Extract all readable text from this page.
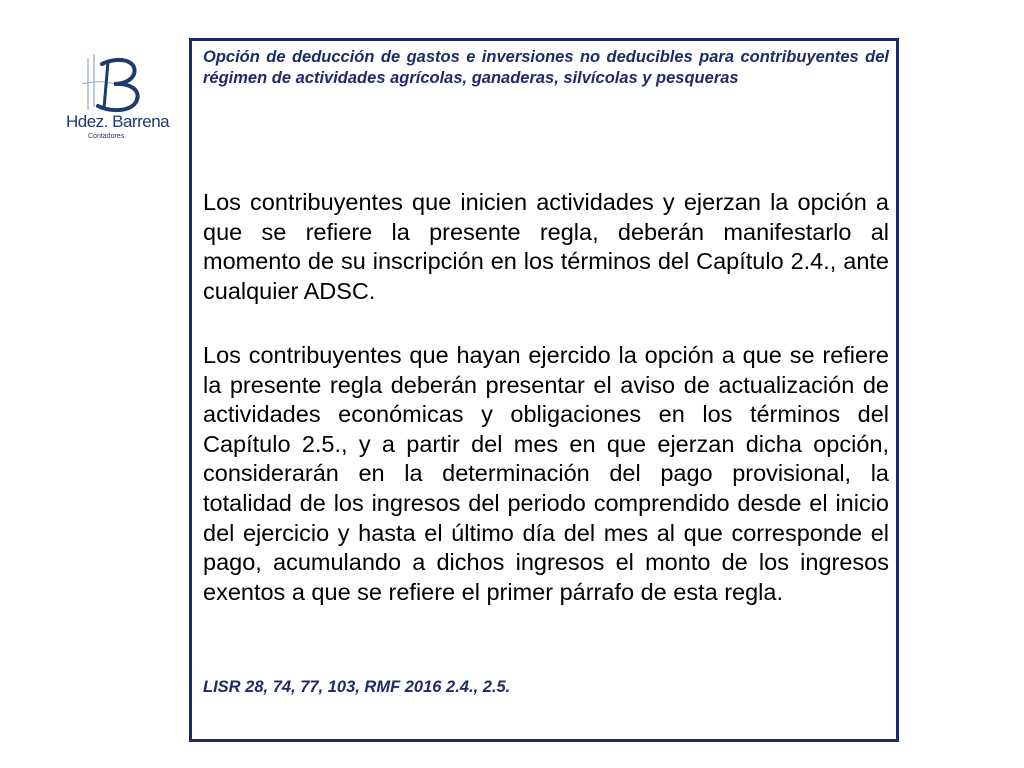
Hdez. Barrena
Contadores

Opción de deducción de gastos e inversiones no deducibles para contribuyentes del régimen de actividades agrícolas, ganaderas, silvícolas y pesqueras

Los contribuyentes que inicien actividades y ejerzan la opción a que se refiere la presente regla, deberán manifestarlo al momento de su inscripción en los términos del Capítulo 2.4., ante cualquier ADSC.

Los contribuyentes que hayan ejercido la opción a que se refiere la presente regla deberán presentar el aviso de actualización de actividades económicas y obligaciones en los términos del Capítulo 2.5., y a partir del mes en que ejerzan dicha opción, considerarán en la determinación del pago provisional, la totalidad de los ingresos del periodo comprendido desde el inicio del ejercicio y hasta el último día del mes al que corresponde el pago, acumulando a dichos ingresos el monto de los ingresos exentos a que se refiere el primer párrafo de esta regla.

LISR 28, 74, 77, 103, RMF 2016 2.4., 2.5.
